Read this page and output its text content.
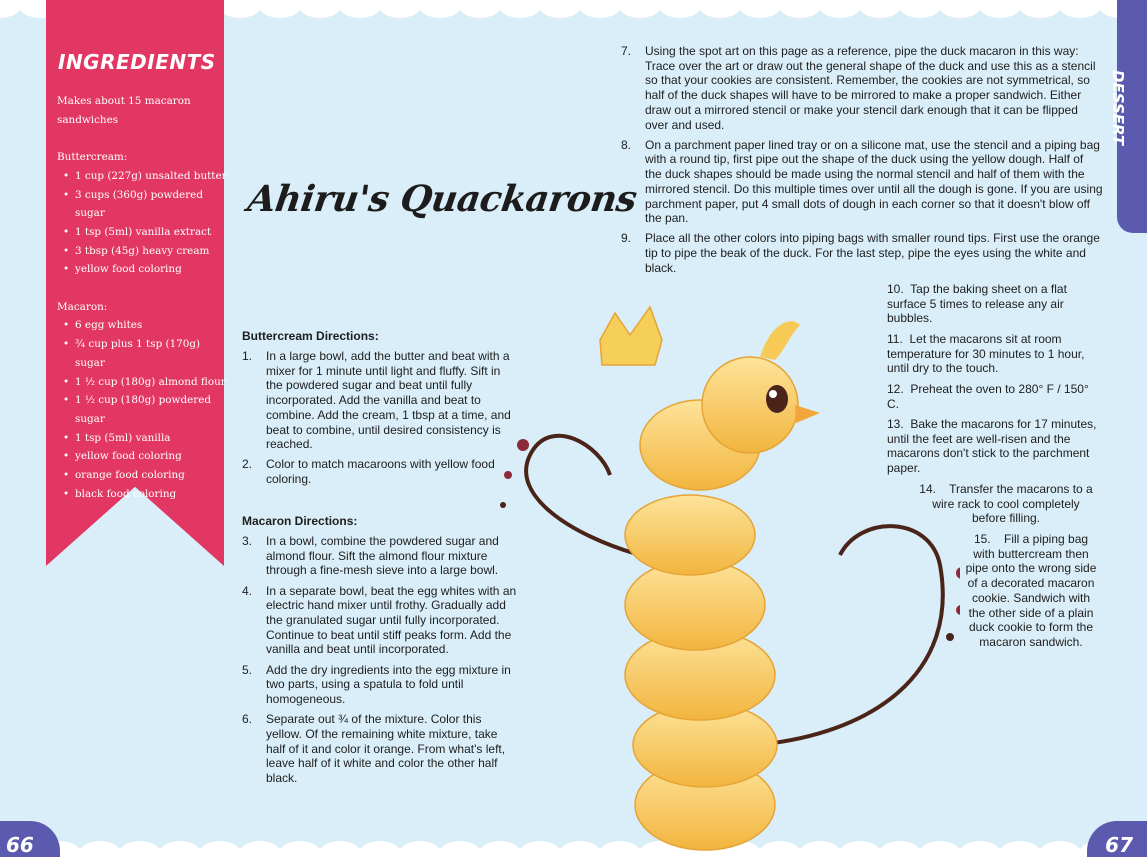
INGREDIENTS

Makes about 15 macaron sandwiches

Buttercream:

• 1 cup (227g) unsalted butter
• 3 cups (360g) powdered sugar
• 1 tsp (5ml) vanilla extract
• 3 tbsp (45g) heavy cream
• yellow food coloring

Macaron:

• 6 egg whites
• ¾ cup plus 1 tsp (170g) sugar
• 1 ½ cup (180g) almond flour
• 1 ½ cup (180g) powdered sugar
• 1 tsp (5ml) vanilla
• yellow food coloring
• orange food coloring
• black food coloring
Ahiru's Quackarons
Buttercream Directions:
1. In a large bowl, add the butter and beat with a mixer for 1 minute until light and fluffy. Sift in the powdered sugar and beat until fully incorporated. Add the vanilla and beat to combine. Add the cream, 1 tbsp at a time, and beat to combine, until desired consistency is reached.
2. Color to match macaroons with yellow food coloring.
Macaron Directions:
3. In a bowl, combine the powdered sugar and almond flour. Sift the almond flour mixture through a fine-mesh sieve into a large bowl.
4. In a separate bowl, beat the egg whites with an electric hand mixer until frothy. Gradually add the granulated sugar until fully incorporated. Continue to beat until stiff peaks form. Add the vanilla and beat until incorporated.
5. Add the dry ingredients into the egg mixture in two parts, using a spatula to fold until homogeneous.
6. Separate out ¾ of the mixture. Color this yellow. Of the remaining white mixture, take half of it and color it orange. From what's left, leave half of it white and color the other half black.
7. Using the spot art on this page as a reference, pipe the duck macaron in this way: Trace over the art or draw out the general shape of the duck and use this as a stencil so that your cookies are consistent. Remember, the cookies are not symmetrical, so half of the duck shapes will have to be mirrored to make a proper sandwich. Either draw out a mirrored stencil or make your stencil dark enough that it can be flipped over and used.
8. On a parchment paper lined tray or on a silicone mat, use the stencil and a piping bag with a round tip, first pipe out the shape of the duck using the yellow dough. Half of the duck shapes should be made using the normal stencil and half of them with the mirrored stencil. Do this multiple times over until all the dough is gone. If you are using parchment paper, put 4 small dots of dough in each corner so that it doesn't blow off the pan.
9. Place all the other colors into piping bags with smaller round tips. First use the orange tip to pipe the beak of the duck. For the last step, pipe the eyes using the white and black.

10. Tap the baking sheet on a flat surface 5 times to release any air bubbles.

11. Let the macarons sit at room temperature for 30 minutes to 1 hour, until dry to the touch.

12. Preheat the oven to 280° F / 150° C.

13. Bake the macarons for 17 minutes, until the feet are well-risen and the macarons don't stick to the parchment paper.

14. Transfer the macarons to a wire rack to cool completely before filling.

15. Fill a piping bag with buttercream then pipe onto the wrong side of a decorated macaron cookie. Sandwich with the other side of a plain duck cookie to form the macaron sandwich.

DESSERT

66	67
